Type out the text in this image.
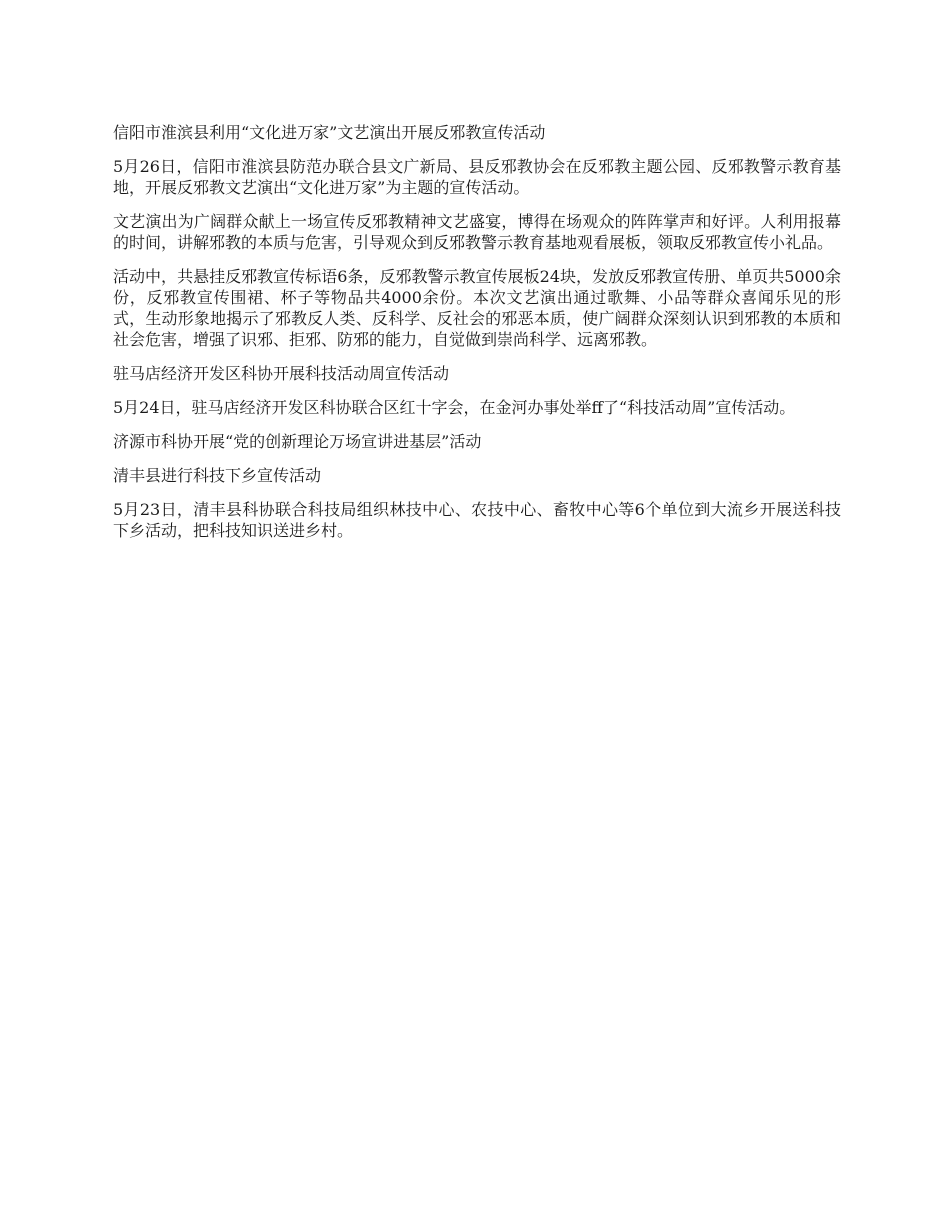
信阳市淮滨县利用“文化进万家”文艺演出开展反邪教宣传活动

5月26日，信阳市淮滨县防范办联合县文广新局、县反邪教协会在反邪教主题公园、反邪教警示教育基地，开展反邪教文艺演出“文化进万家”为主题的宣传活动。

文艺演出为广阔群众献上一场宣传反邪教精神文艺盛宴，博得在场观众的阵阵掌声和好评。人利用报幕的时间，讲解邪教的本质与危害，引导观众到反邪教警示教育基地观看展板，领取反邪教宣传小礼品。

活动中，共悬挂反邪教宣传标语6条，反邪教警示教宣传展板24块，发放反邪教宣传册、单页共5000余份，反邪教宣传围裙、杯子等物品共4000余份。本次文艺演出通过歌舞、小品等群众喜闻乐见的形式，生动形象地揭示了邪教反人类、反科学、反社会的邪恶本质，使广阔群众深刻认识到邪教的本质和社会危害，增强了识邪、拒邪、防邪的能力，自觉做到崇尚科学、远离邪教。

驻马店经济开发区科协开展科技活动周宣传活动

5月24日，驻马店经济开发区科协联合区红十字会，在金河办事处举ff了“科技活动周”宣传活动。

济源市科协开展“党的创新理论万场宣讲进基层”活动

清丰县进行科技下乡宣传活动

5月23日，清丰县科协联合科技局组织林技中心、农技中心、畜牧中心等6个单位到大流乡开展送科技下乡活动，把科技知识送进乡村。
